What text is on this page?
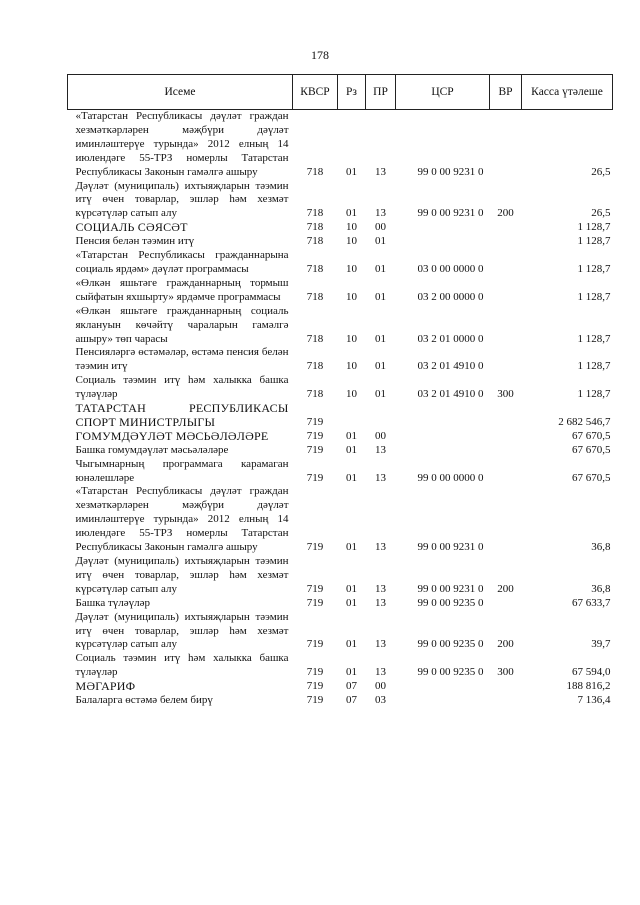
178
Исеме	КВСР	Рз	ПР	ЦСР	ВР	Касса үтәлеше
«Татарстан Республикасы дәүләт граждан хезмәткәрләрен мәҗбүри дәүләт иминләштерүе турында» 2012 елның 14 июлендәге 55-ТРЗ номерлы Татарстан Республикасы Законын гамәлгә ашыру	718	01	13	99 0 00 9231 0		26,5
Дәүләт (муниципаль) ихтыяҗларын тәэмин итү өчен товарлар, эшләр һәм хезмәт күрсәтүләр сатып алу	718	01	13	99 0 00 9231 0	200	26,5
СОЦИАЛЬ СӘЯСӘТ	718	10	00			1 128,7
Пенсия белән тәэмин итү	718	10	01			1 128,7
«Татарстан Республикасы гражданнарына социаль ярдәм» дәүләт программасы	718	10	01	03 0 00 0000 0		1 128,7
«Өлкән яшьтәге гражданнарның тормыш сыйфатын яхшырту» ярдәмче программасы	718	10	01	03 2 00 0000 0		1 128,7
«Өлкән яшьтәге гражданнарның социаль яклануын көчәйтү чараларын гамәлгә ашыру» төп чарасы	718	10	01	03 2 01 0000 0		1 128,7
Пенсияләргә өстәмәләр, өстәмә пенсия белән тәэмин итү	718	10	01	03 2 01 4910 0		1 128,7
Социаль тәэмин итү һәм халыкка башка түләүләр	718	10	01	03 2 01 4910 0	300	1 128,7
ТАТАРСТАН РЕСПУБЛИКАСЫ СПОРТ МИНИСТРЛЫГЫ	719					2 682 546,7
ГОМУМДӘҮЛӘТ МӘСЬӘЛӘЛӘРЕ	719	01	00			67 670,5
Башка гомумдәүләт мәсьәләләре	719	01	13			67 670,5
Чыгымнарның программага карамаган юнәлешләре	719	01	13	99 0 00 0000 0		67 670,5
«Татарстан Республикасы дәүләт граждан хезмәткәрләрен мәҗбүри дәүләт иминләштерүе турында» 2012 елның 14 июлендәге 55-ТРЗ номерлы Татарстан Республикасы Законын гамәлгә ашыру	719	01	13	99 0 00 9231 0		36,8
Дәүләт (муниципаль) ихтыяҗларын тәэмин итү өчен товарлар, эшләр һәм хезмәт күрсәтүләр сатып алу	719	01	13	99 0 00 9231 0	200	36,8
Башка түләүләр	719	01	13	99 0 00 9235 0		67 633,7
Дәүләт (муниципаль) ихтыяҗларын тәэмин итү өчен товарлар, эшләр һәм хезмәт күрсәтүләр сатып алу	719	01	13	99 0 00 9235 0	200	39,7
Социаль тәэмин итү һәм халыкка башка түләүләр	719	01	13	99 0 00 9235 0	300	67 594,0
МӘГАРИФ	719	07	00			188 816,2
Балаларга өстәмә белем бирү	719	07	03			7 136,4
